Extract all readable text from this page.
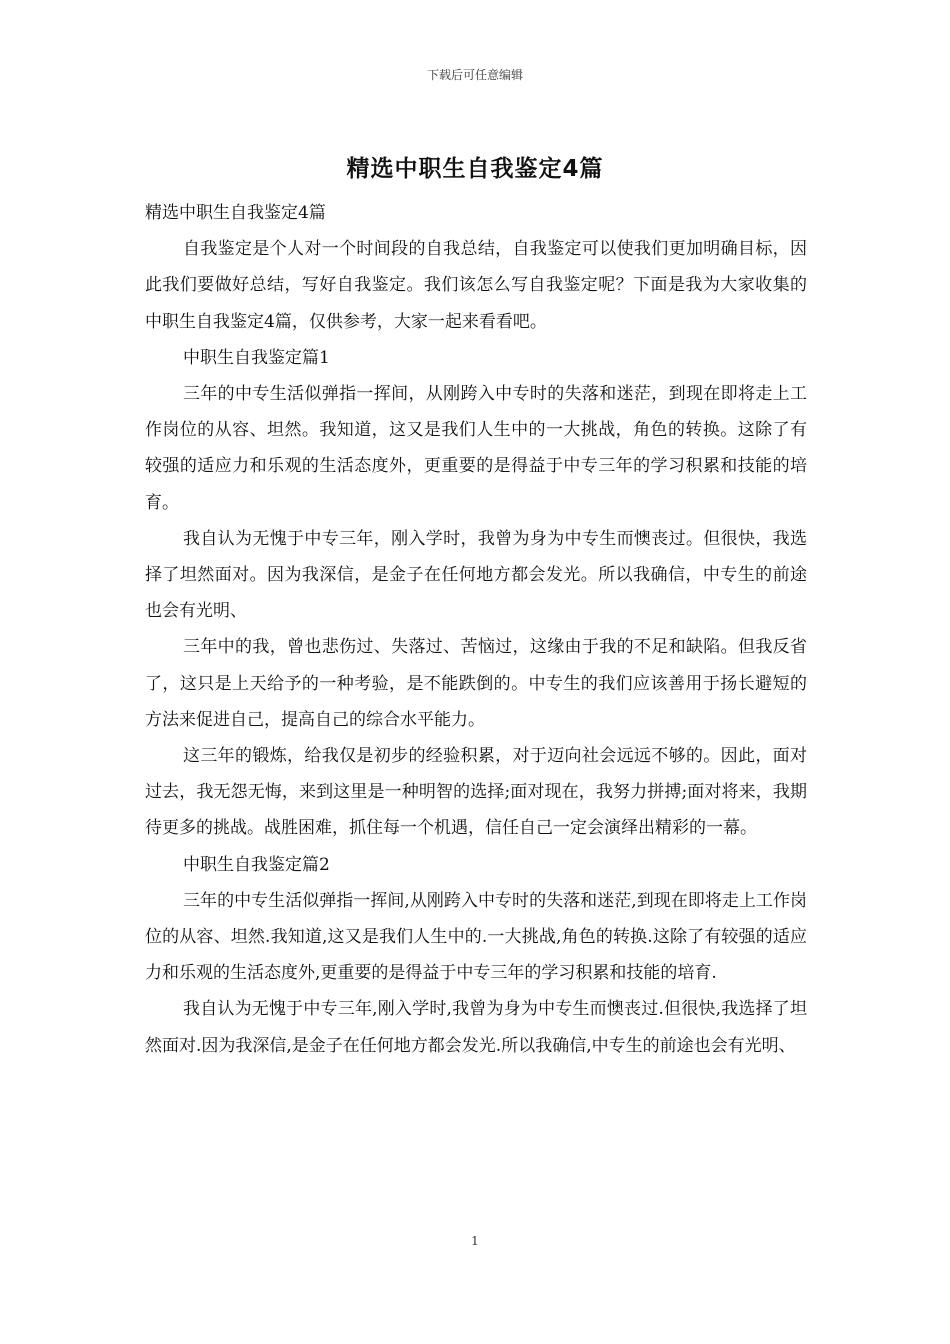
下载后可任意编辑
精选中职生自我鉴定4篇

精选中职生自我鉴定4篇

自我鉴定是个人对一个时间段的自我总结，自我鉴定可以使我们更加明确目标，因此我们要做好总结，写好自我鉴定。我们该怎么写自我鉴定呢？下面是我为大家收集的中职生自我鉴定4篇，仅供参考，大家一起来看看吧。

中职生自我鉴定篇1

三年的中专生活似弹指一挥间，从刚跨入中专时的失落和迷茫，到现在即将走上工作岗位的从容、坦然。我知道，这又是我们人生中的一大挑战，角色的转换。这除了有较强的适应力和乐观的生活态度外，更重要的是得益于中专三年的学习积累和技能的培育。

我自认为无愧于中专三年，刚入学时，我曾为身为中专生而懊丧过。但很快，我选择了坦然面对。因为我深信，是金子在任何地方都会发光。所以我确信，中专生的前途也会有光明、

三年中的我，曾也悲伤过、失落过、苦恼过，这缘由于我的不足和缺陷。但我反省了，这只是上天给予的一种考验，是不能跌倒的。中专生的我们应该善用于扬长避短的方法来促进自己，提高自己的综合水平能力。

这三年的锻炼，给我仅是初步的经验积累，对于迈向社会远远不够的。因此，面对过去，我无怨无悔，来到这里是一种明智的选择;面对现在，我努力拼搏;面对将来，我期待更多的挑战。战胜困难，抓住每一个机遇，信任自己一定会演绎出精彩的一幕。

中职生自我鉴定篇2

三年的中专生活似弹指一挥间,从刚跨入中专时的失落和迷茫,到现在即将走上工作岗位的从容、坦然.我知道,这又是我们人生中的.一大挑战,角色的转换.这除了有较强的适应力和乐观的生活态度外,更重要的是得益于中专三年的学习积累和技能的培育.

我自认为无愧于中专三年,刚入学时,我曾为身为中专生而懊丧过.但很快,我选择了坦然面对.因为我深信,是金子在任何地方都会发光.所以我确信,中专生的前途也会有光明、

1
